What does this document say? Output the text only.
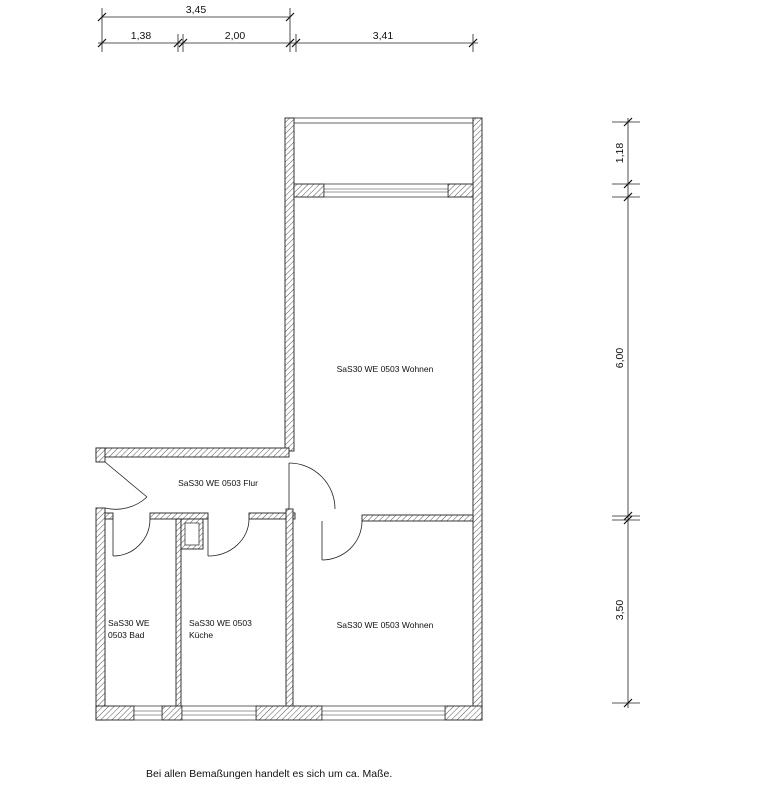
3,45
1,38	2,00	3,41
1,18
6,00
3,50
SaS30 WE 0503 Wohnen
SaS30 WE 0503 Flur
SaS30 WE
0503 Bad
SaS30 WE 0503
Küche
SaS30 WE 0503 Wohnen
Bei allen Bemaßungen handelt es sich um ca. Maße.
